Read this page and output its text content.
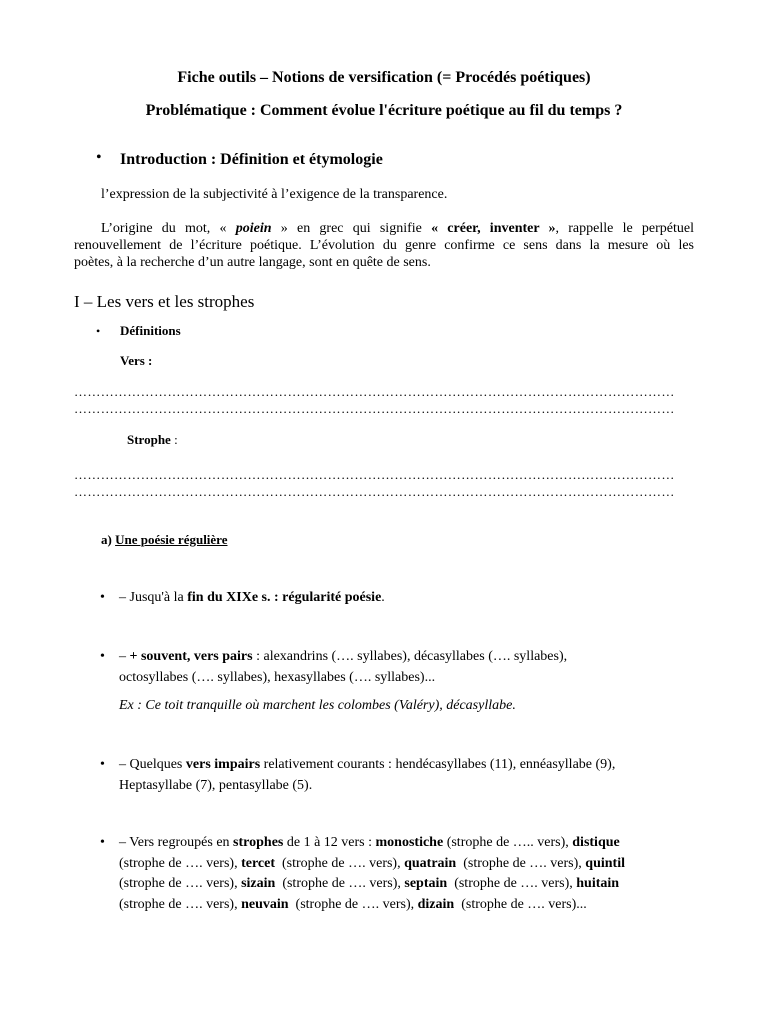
Fiche outils – Notions de versification (= Procédés poétiques)
Problématique : Comment évolue l'écriture poétique au fil du temps ?
• Introduction : Définition et étymologie
l’expression de la subjectivité à l’exigence de la transparence.
L’origine du mot, « poiein » en grec qui signifie « créer, inventer », rappelle le perpétuel
renouvellement de l’écriture poétique. L’évolution du genre confirme ce sens dans la mesure où les
poètes, à la recherche d’un autre langage, sont en quête de sens.
I – Les vers et les strophes
• Définitions
Vers :
………………………………………………………………………………………………………………………
………………………………………………………………………………………………………………………
Strophe :
………………………………………………………………………………………………………………………
………………………………………………………………………………………………………………………
a) Une poésie régulière
• – Jusqu'à la fin du XIXe s. : régularité poésie.
• – + souvent, vers pairs : alexandrins (…. syllabes), décasyllabes (…. syllabes),
octosyllabes (…. syllabes), hexasyllabes (…. syllabes)...
Ex : Ce toit tranquille où marchent les colombes (Valéry), décasyllabe.
• – Quelques vers impairs relativement courants : hendécasyllabes (11), ennéasyllabe (9),
Heptasyllabe (7), pentasyllabe (5).
• – Vers regroupés en strophes de 1 à 12 vers : monostiche (strophe de ….. vers), distique
(strophe de …. vers), tercet  (strophe de …. vers), quatrain  (strophe de …. vers), quintil
(strophe de …. vers), sizain  (strophe de …. vers), septain  (strophe de …. vers), huitain
(strophe de …. vers), neuvain  (strophe de …. vers), dizain  (strophe de …. vers)...
